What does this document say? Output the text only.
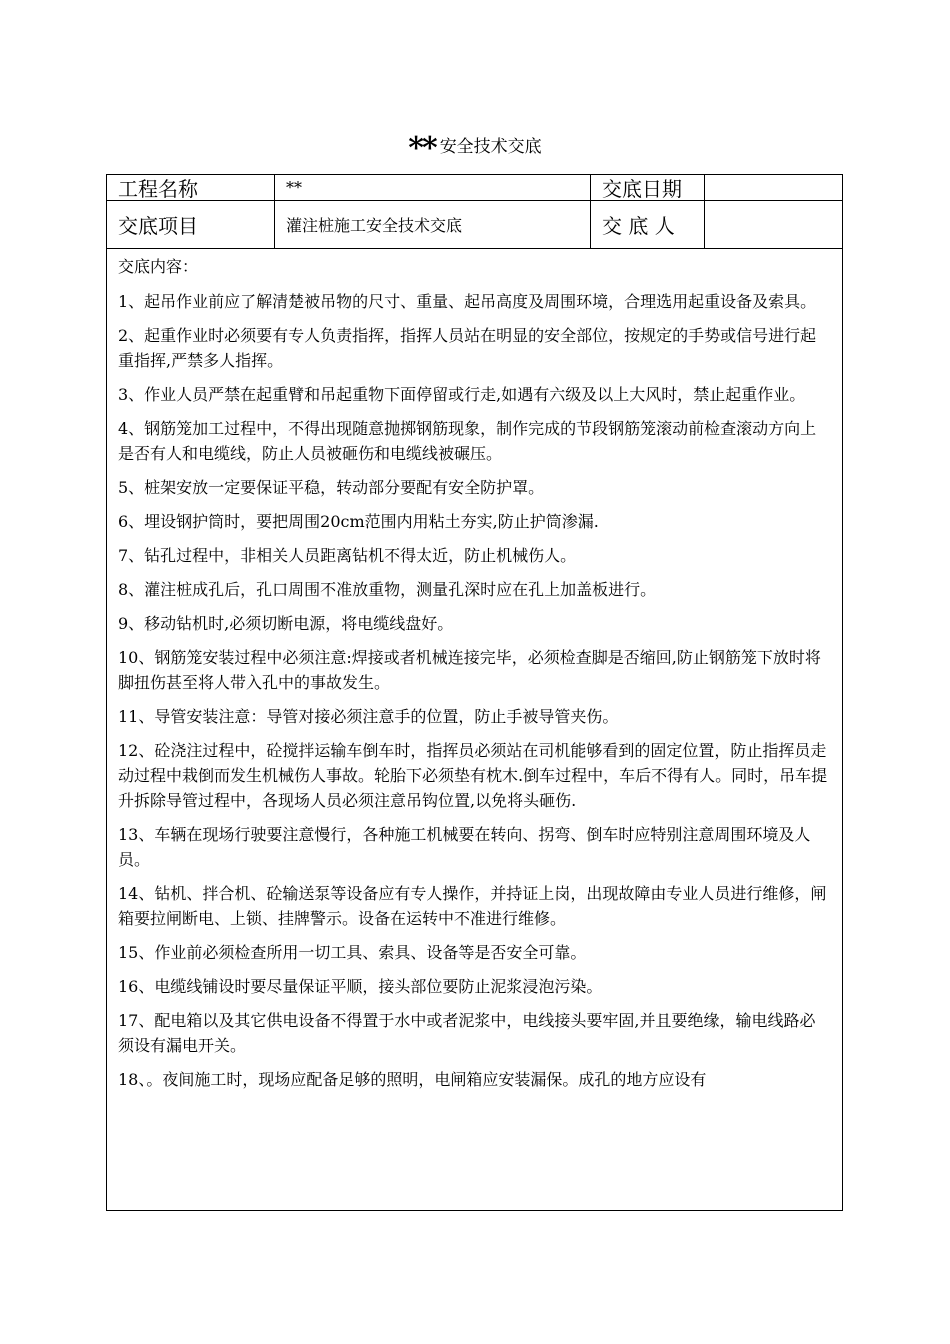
** 安全技术交底
工程名称	**	交底日期
交底项目	灌注桩施工安全技术交底	交 底 人

交底内容：

1、起吊作业前应了解清楚被吊物的尺寸、重量、起吊高度及周围环境，合理选用起重设备及索具。

2、起重作业时必须要有专人负责指挥，指挥人员站在明显的安全部位，按规定的手势或信号进行起重指挥,严禁多人指挥。

3、作业人员严禁在起重臂和吊起重物下面停留或行走,如遇有六级及以上大风时，禁止起重作业。

4、钢筋笼加工过程中，不得出现随意抛掷钢筋现象，制作完成的节段钢筋笼滚动前检查滚动方向上是否有人和电缆线，防止人员被砸伤和电缆线被碾压。

5、桩架安放一定要保证平稳，转动部分要配有安全防护罩。

6、埋设钢护筒时，要把周围20cm范围内用粘土夯实,防止护筒渗漏.

7、钻孔过程中，非相关人员距离钻机不得太近，防止机械伤人。

8、灌注桩成孔后，孔口周围不准放重物，测量孔深时应在孔上加盖板进行。

9、移动钻机时,必须切断电源，将电缆线盘好。

10、钢筋笼安装过程中必须注意:焊接或者机械连接完毕，必须检查脚是否缩回,防止钢筋笼下放时将脚扭伤甚至将人带入孔中的事故发生。

11、导管安装注意：导管对接必须注意手的位置，防止手被导管夹伤。

12、砼浇注过程中，砼搅拌运输车倒车时，指挥员必须站在司机能够看到的固定位置，防止指挥员走动过程中栽倒而发生机械伤人事故。轮胎下必须垫有枕木.倒车过程中，车后不得有人。同时，吊车提升拆除导管过程中，各现场人员必须注意吊钩位置,以免将头砸伤.

13、车辆在现场行驶要注意慢行，各种施工机械要在转向、拐弯、倒车时应特别注意周围环境及人员。

14、钻机、拌合机、砼输送泵等设备应有专人操作，并持证上岗，出现故障由专业人员进行维修，闸箱要拉闸断电、上锁、挂牌警示。设备在运转中不准进行维修。

15、作业前必须检查所用一切工具、索具、设备等是否安全可靠。

16、电缆线铺设时要尽量保证平顺，接头部位要防止泥浆浸泡污染。

17、配电箱以及其它供电设备不得置于水中或者泥浆中，电线接头要牢固,并且要绝缘，输电线路必须设有漏电开关。

18、。夜间施工时，现场应配备足够的照明，电闸箱应安装漏保。成孔的地方应设有
